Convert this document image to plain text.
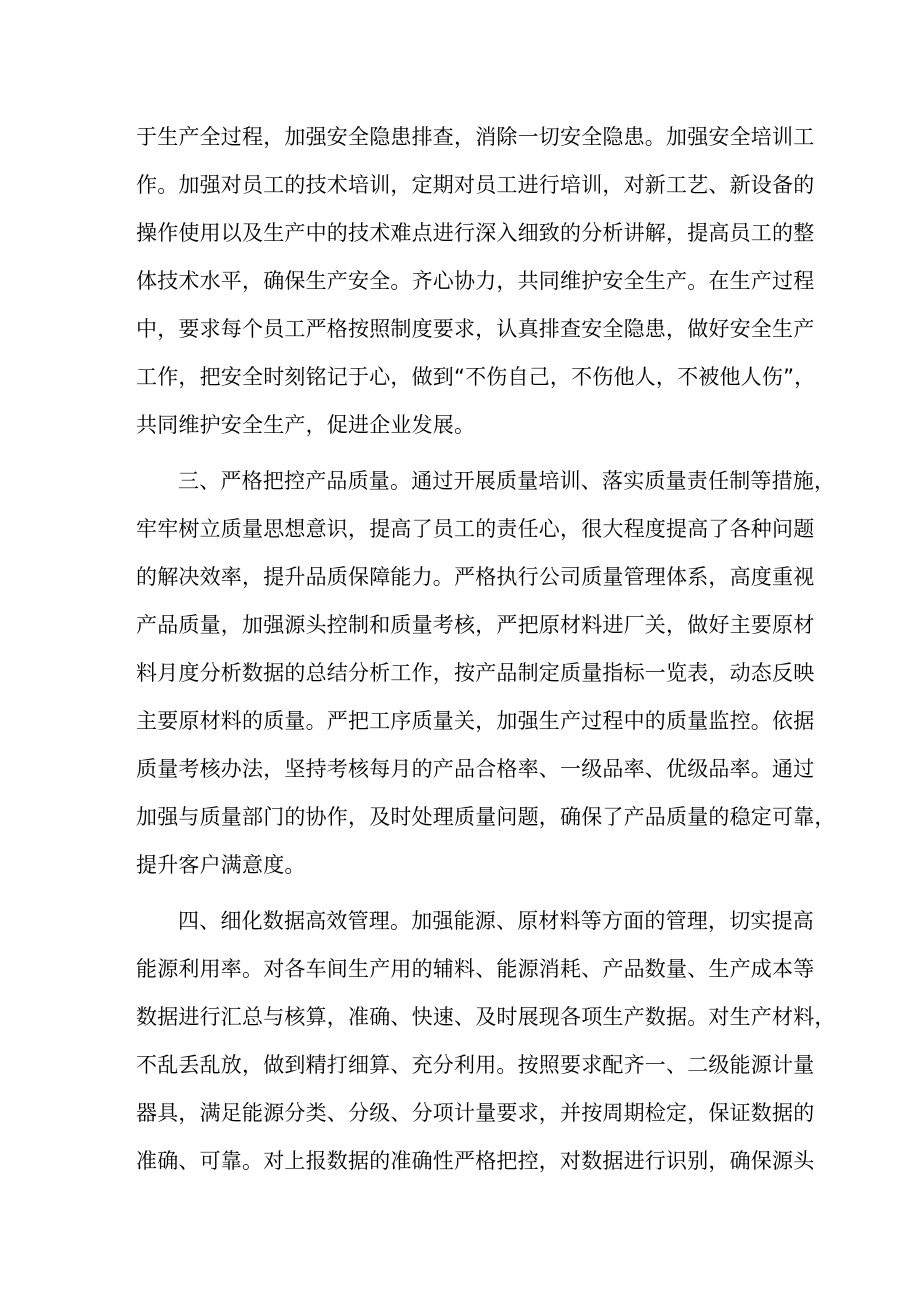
于生产全过程，加强安全隐患排查，消除一切安全隐患。加强安全培训工
作。加强对员工的技术培训，定期对员工进行培训，对新工艺、新设备的
操作使用以及生产中的技术难点进行深入细致的分析讲解，提高员工的整
体技术水平，确保生产安全。齐心协力，共同维护安全生产。在生产过程
中，要求每个员工严格按照制度要求，认真排查安全隐患，做好安全生产
工作，把安全时刻铭记于心，做到“不伤自己，不伤他人，不被他人伤”，
共同维护安全生产，促进企业发展。
三、严格把控产品质量。通过开展质量培训、落实质量责任制等措施，
牢牢树立质量思想意识，提高了员工的责任心，很大程度提高了各种问题
的解决效率，提升品质保障能力。严格执行公司质量管理体系，高度重视
产品质量，加强源头控制和质量考核，严把原材料进厂关，做好主要原材
料月度分析数据的总结分析工作，按产品制定质量指标一览表，动态反映
主要原材料的质量。严把工序质量关，加强生产过程中的质量监控。依据
质量考核办法，坚持考核每月的产品合格率、一级品率、优级品率。通过
加强与质量部门的协作，及时处理质量问题，确保了产品质量的稳定可靠，
提升客户满意度。
四、细化数据高效管理。加强能源、原材料等方面的管理，切实提高
能源利用率。对各车间生产用的辅料、能源消耗、产品数量、生产成本等
数据进行汇总与核算，准确、快速、及时展现各项生产数据。对生产材料，
不乱丢乱放，做到精打细算、充分利用。按照要求配齐一、二级能源计量
器具，满足能源分类、分级、分项计量要求，并按周期检定，保证数据的
准确、可靠。对上报数据的准确性严格把控，对数据进行识别，确保源头
